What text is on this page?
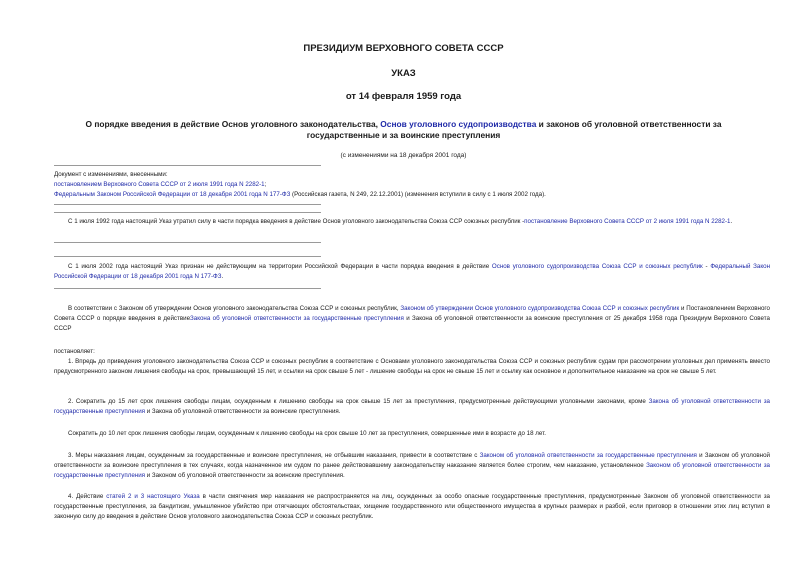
ПРЕЗИДИУМ ВЕРХОВНОГО СОВЕТА СССР
УКАЗ
от 14 февраля 1959 года
О порядке введения в действие Основ уголовного законодательства, Основ уголовного судопроизводства и законов об уголовной ответственности за государственные и за воинские преступления
(с изменениями на 18 декабря 2001 года)
Документ с изменениями, внесенными:
постановлением Верховного Совета СССР от 2 июля 1991 года N 2282-1;
Федеральным Законом Российской Федерации от 18 декабря 2001 года N 177-ФЗ (Российская газета, N 249, 22.12.2001) (изменения вступили в силу с 1 июля 2002 года).
С 1 июля 1992 года настоящий Указ утратил силу в части порядка введения в действие Основ уголовного законодательства Союза ССР союзных республик -постановление Верховного Совета СССР от 2 июля 1991 года N 2282-1.
С 1 июля 2002 года настоящий Указ признан не действующим на территории Российской Федерации в части порядка введения в действие Основ уголовного судопроизводства Союза ССР и союзных республик - Федеральный Закон Российской Федерации от 18 декабря 2001 года N 177-ФЗ.
В соответствии с Законом об утверждении Основ уголовного законодательства Союза ССР и союзных республик, Законом об утверждении Основ уголовного судопроизводства Союза ССР и союзных республик и Постановлением Верховного Совета СССР о порядке введения в действиеЗакона об уголовной ответственности за государственные преступления и Закона об уголовной ответственности за воинские преступления от 25 декабря 1958 года Президиум Верховного Совета СССР
постановляет:
1. Впредь до приведения уголовного законодательства Союза ССР и союзных республик в соответствие с Основами уголовного законодательства Союза ССР и союзных республик судам при рассмотрении уголовных дел применять вместо предусмотренного законом лишения свободы на срок, превышающий 15 лет, и ссылки на срок свыше 5 лет - лишение свободы на срок не свыше 15 лет и ссылку как основное и дополнительное наказание на срок не свыше 5 лет.
2. Сократить до 15 лет срок лишения свободы лицам, осужденным к лишению свободы на срок свыше 15 лет за преступления, предусмотренные действующими уголовными законами, кроме Закона об уголовной ответственности за государственные преступления и Закона об уголовной ответственности за воинские преступления.
Сократить до 10 лет срок лишения свободы лицам, осужденным к лишению свободы на срок свыше 10 лет за преступления, совершенные ими в возрасте до 18 лет.
3. Меры наказания лицам, осужденным за государственные и воинские преступления, не отбывшим наказания, привести в соответствие с Законом об уголовной ответственности за государственные преступления и Законом об уголовной ответственности за воинские преступления в тех случаях, когда назначенное им судом по ранее действовавшему законодательству наказание является более строгим, чем наказание, установленное Законом об уголовной ответственности за государственные преступления и Законом об уголовной ответственности за воинские преступления.
4. Действие статей 2 и 3 настоящего Указа в части смягчения мер наказания не распространяется на лиц, осужденных за особо опасные государственные преступления, предусмотренные Законом об уголовной ответственности за государственные преступления, за бандитизм, умышленное убийство при отягчающих обстоятельствах, хищение государственного или общественного имущества в крупных размерах и разбой, если приговор в отношении этих лиц вступил в законную силу до введения в действие Основ уголовного законодательства Союза ССР и союзных республик.
